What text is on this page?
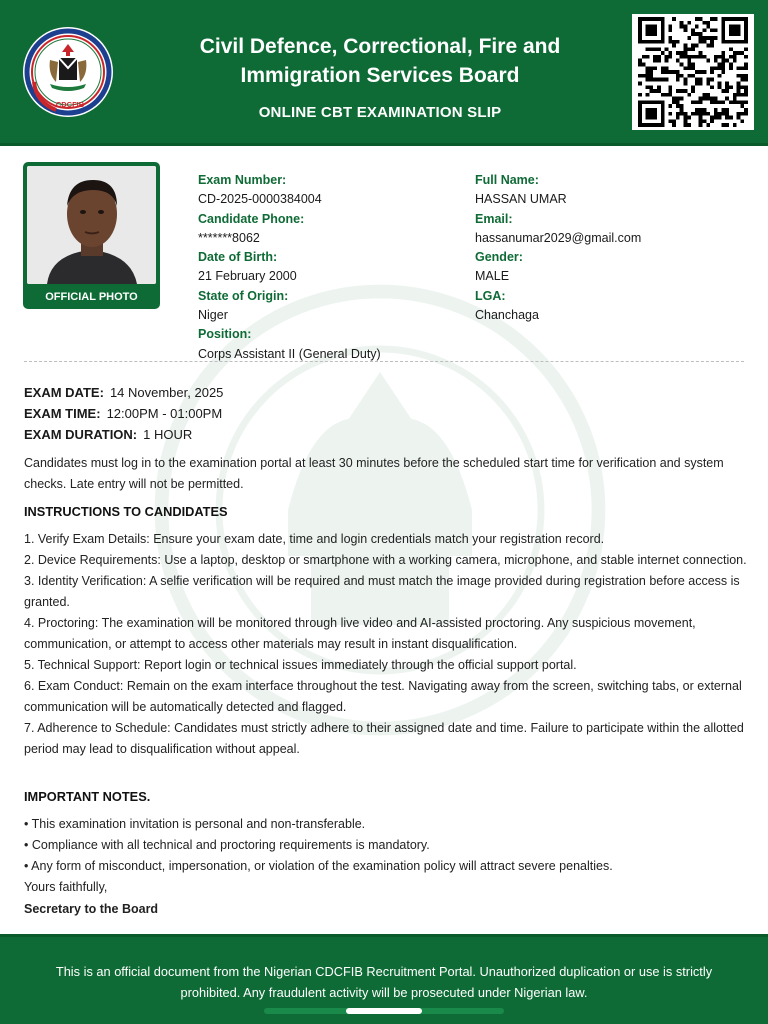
CDCFIB
Civil Defence, Correctional, Fire and
Immigration Services Board
ONLINE CBT EXAMINATION SLIP
OFFICIAL PHOTO
Exam Number:
CD-2025-0000384004
Candidate Phone:
*******8062
Date of Birth:
21 February 2000
State of Origin:
Niger
Position:
Corps Assistant II (General Duty)
Full Name:
HASSAN UMAR
Email:
hassanumar2029@gmail.com
Gender:
MALE
LGA:
Chanchaga
EXAM DATE: 14 November, 2025
EXAM TIME: 12:00PM - 01:00PM
EXAM DURATION: 1 HOUR
Candidates must log in to the examination portal at least 30 minutes before the scheduled start time for verification and system checks. Late entry will not be permitted.
INSTRUCTIONS TO CANDIDATES
1. Verify Exam Details: Ensure your exam date, time and login credentials match your registration record.
2. Device Requirements: Use a laptop, desktop or smartphone with a working camera, microphone, and stable internet connection.
3. Identity Verification: A selfie verification will be required and must match the image provided during registration before access is granted.
4. Proctoring: The examination will be monitored through live video and AI-assisted proctoring. Any suspicious movement, communication, or attempt to access other materials may result in instant disqualification.
5. Technical Support: Report login or technical issues immediately through the official support portal.
6. Exam Conduct: Remain on the exam interface throughout the test. Navigating away from the screen, switching tabs, or external communication will be automatically detected and flagged.
7. Adherence to Schedule: Candidates must strictly adhere to their assigned date and time. Failure to participate within the allotted period may lead to disqualification without appeal.
IMPORTANT NOTES.
• This examination invitation is personal and non-transferable.
• Compliance with all technical and proctoring requirements is mandatory.
• Any form of misconduct, impersonation, or violation of the examination policy will attract severe penalties.
Yours faithfully,
Secretary to the Board
This is an official document from the Nigerian CDCFIB Recruitment Portal. Unauthorized duplication or use is strictly prohibited. Any fraudulent activity will be prosecuted under Nigerian law.
